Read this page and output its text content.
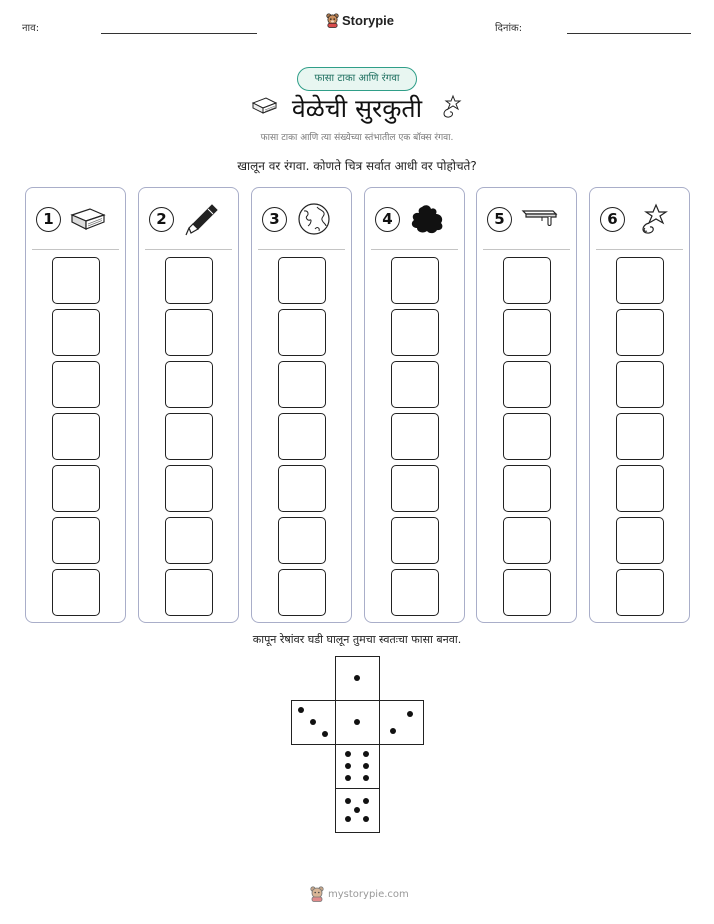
नाव:
Storypie
दिनांक:
फासा टाका आणि रंगवा
वेळेची सुरकुती
फासा टाका आणि त्या संख्येच्या स्तंभातील एक बॉक्स रंगवा.
खालून वर रंगवा. कोणते चित्र सर्वात आधी वर पोहोचते?
1	2	3	4	5	6
कापून रेषांवर घडी घालून तुमचा स्वतःचा फासा बनवा.
mystorypie.com
